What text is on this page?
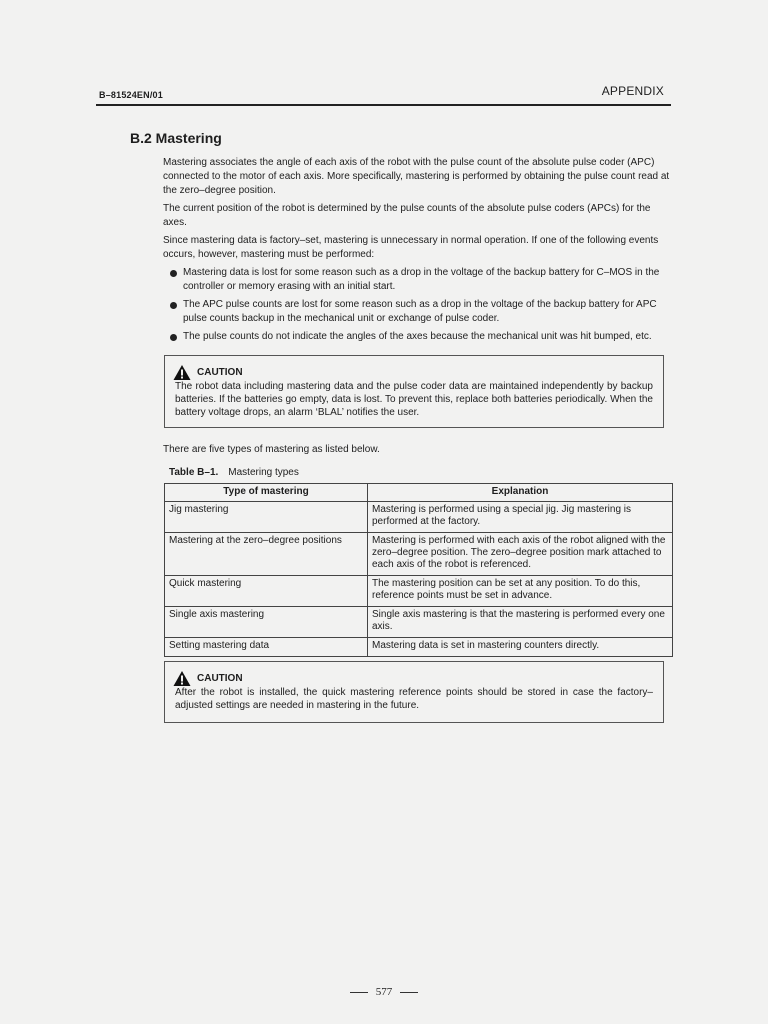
B–81524EN/01	APPENDIX
B.2 Mastering

Mastering associates the angle of each axis of the robot with the pulse count of the absolute pulse coder (APC) connected to the motor of each axis. More specifically, mastering is performed by obtaining the pulse count read at the zero–degree position.

The current position of the robot is determined by the pulse counts of the absolute pulse coders (APCs) for the axes.

Since mastering data is factory–set, mastering is unnecessary in normal operation. If one of the following events occurs, however, mastering must be performed:

Mastering data is lost for some reason such as a drop in the voltage of the backup battery for C–MOS in the controller or memory erasing with an initial start.
The APC pulse counts are lost for some reason such as a drop in the voltage of the backup battery for APC pulse counts backup in the mechanical unit or exchange of pulse coder.
The pulse counts do not indicate the angles of the axes because the mechanical unit was hit bumped, etc.
CAUTION
The robot data including mastering data and the pulse coder data are maintained independently by backup batteries. If the batteries go empty, data is lost. To prevent this, replace both batteries periodically. When the battery voltage drops, an alarm ‘BLAL’ notifies the user.
There are five types of mastering as listed below.
Table B–1. Mastering types
Type of mastering	Explanation
Jig mastering	Mastering is performed using a special jig. Jig mastering is performed at the factory.
Mastering at the zero–degree positions	Mastering is performed with each axis of the robot aligned with the zero–degree position. The zero–degree position mark attached to each axis of the robot is referenced.
Quick mastering	The mastering position can be set at any position. To do this, reference points must be set in advance.
Single axis mastering	Single axis mastering is that the mastering is performed every one axis.
Setting mastering data	Mastering data is set in mastering counters directly.
CAUTION
After the robot is installed, the quick mastering reference points should be stored in case the factory–adjusted settings are needed in mastering in the future.
577
